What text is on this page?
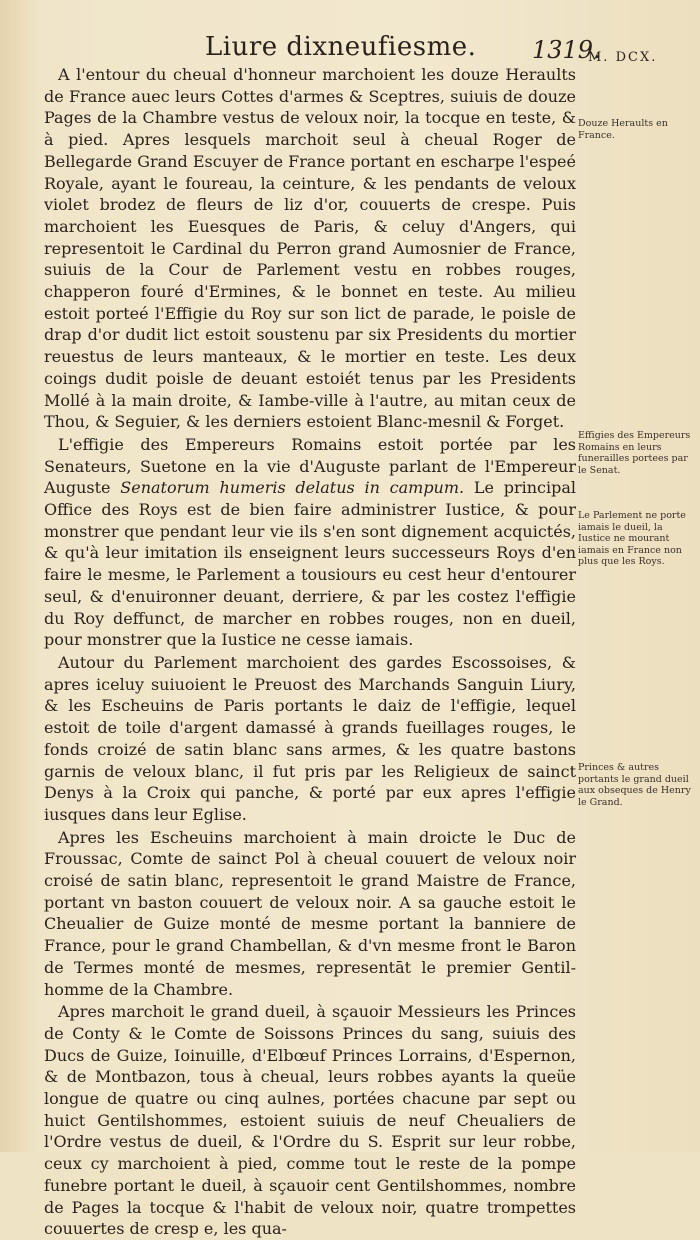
Liure dixneufiesme. 1319.

A l'entour du cheual d'honneur marchoient les douze Heraults de France auec leurs Cottes d'armes & Sceptres, suiuis de douze Pages de la Chambre vestus de veloux noir, la tocque en teste, & à pied. Apres lesquels marchoit seul à cheual Roger de Bellegarde Grand Escuyer de France portant en escharpe l'espeé Royale, ayant le foureau, la ceinture, & les pendants de veloux violet brodez de fleurs de liz d'or, couuerts de crespe. Puis marchoient les Euesques de Paris, & celuy d'Angers, qui representoit le Cardinal du Perron grand Aumosnier de France, suiuis de la Cour de Parlement vestu en robbes rouges, chapperon fouré d'Ermines, & le bonnet en teste. Au milieu estoit porteé l'Effigie du Roy sur son lict de parade, le poisle de drap d'or dudit lict estoit soustenu par six Presidents du mortier reuestus de leurs manteaux, & le mortier en teste. Les deux coings dudit poisle de deuant estoiét tenus par les Presidents Mollé à la main droite, & Iambe-ville à l'autre, au mitan ceux de Thou, & Seguier, & les derniers estoient Blanc-mesnil & Forget.

L'effigie des Empereurs Romains estoit portée par les Senateurs, Suetone en la vie d'Auguste parlant de l'Empereur Auguste Senatorum humeris delatus in campum. Le principal Office des Roys est de bien faire administrer Iustice, & pour monstrer que pendant leur vie ils s'en sont dignement acquictés, & qu'à leur imitation ils enseignent leurs successeurs Roys d'en faire le mesme, le Parlement a tousiours eu cest heur d'entourer seul, & d'enuironner deuant, derriere, & par les costez l'effigie du Roy deffunct, de marcher en robbes rouges, non en dueil, pour monstrer que la Iustice ne cesse iamais.

Autour du Parlement marchoient des gardes Escossoises, & apres iceluy suiuoient le Preuost des Marchands Sanguin Liury, & les Escheuins de Paris portants le daiz de l'effigie, lequel estoit de toile d'argent damassé à grands fueillages rouges, le fonds croizé de satin blanc sans armes, & les quatre bastons garnis de veloux blanc, il fut pris par les Religieux de sainct Denys à la Croix qui panche, & porté par eux apres l'effigie iusques dans leur Eglise.

Apres les Escheuins marchoient à main droicte le Duc de Froussac, Comte de sainct Pol à cheual couuert de veloux noir croisé de satin blanc, representoit le grand Maistre de France, portant vn baston couuert de veloux noir. A sa gauche estoit le Cheualier de Guize monté de mesme portant la banniere de France, pour le grand Chambellan, & d'vn mesme front le Baron de Termes monté de mesmes, representāt le premier Gentil-homme de la Chambre.

Apres marchoit le grand dueil, à sçauoir Messieurs les Princes de Conty & le Comte de Soissons Princes du sang, suiuis des Ducs de Guize, Ioinuille, d'Elbœuf Princes Lorrains, d'Espernon, & de Montbazon, tous à cheual, leurs robbes ayants la queüe longue de quatre ou cinq aulnes, portées chacune par sept ou huict Gentilshommes, estoient suiuis de neuf Cheualiers de l'Ordre vestus de dueil, & l'Ordre du S. Esprit sur leur robbe, ceux cy marchoient à pied, comme tout le reste de la pompe funebre portant le dueil, à sçauoir cent Gentilshommes, nombre de Pages la tocque & l'habit de veloux noir, quatre trompettes couuertes de cresp e, les qua-

M. DCX.
Douze Heraults en France.
Effigies des Empereurs Romains en leurs funerailles portees par le Senat.
Le Parlement ne porte iamais le dueil, la Iustice ne mourant iamais en France non plus que les Roys.
Princes & autres portants le grand dueil aux obseques de Henry le Grand.
